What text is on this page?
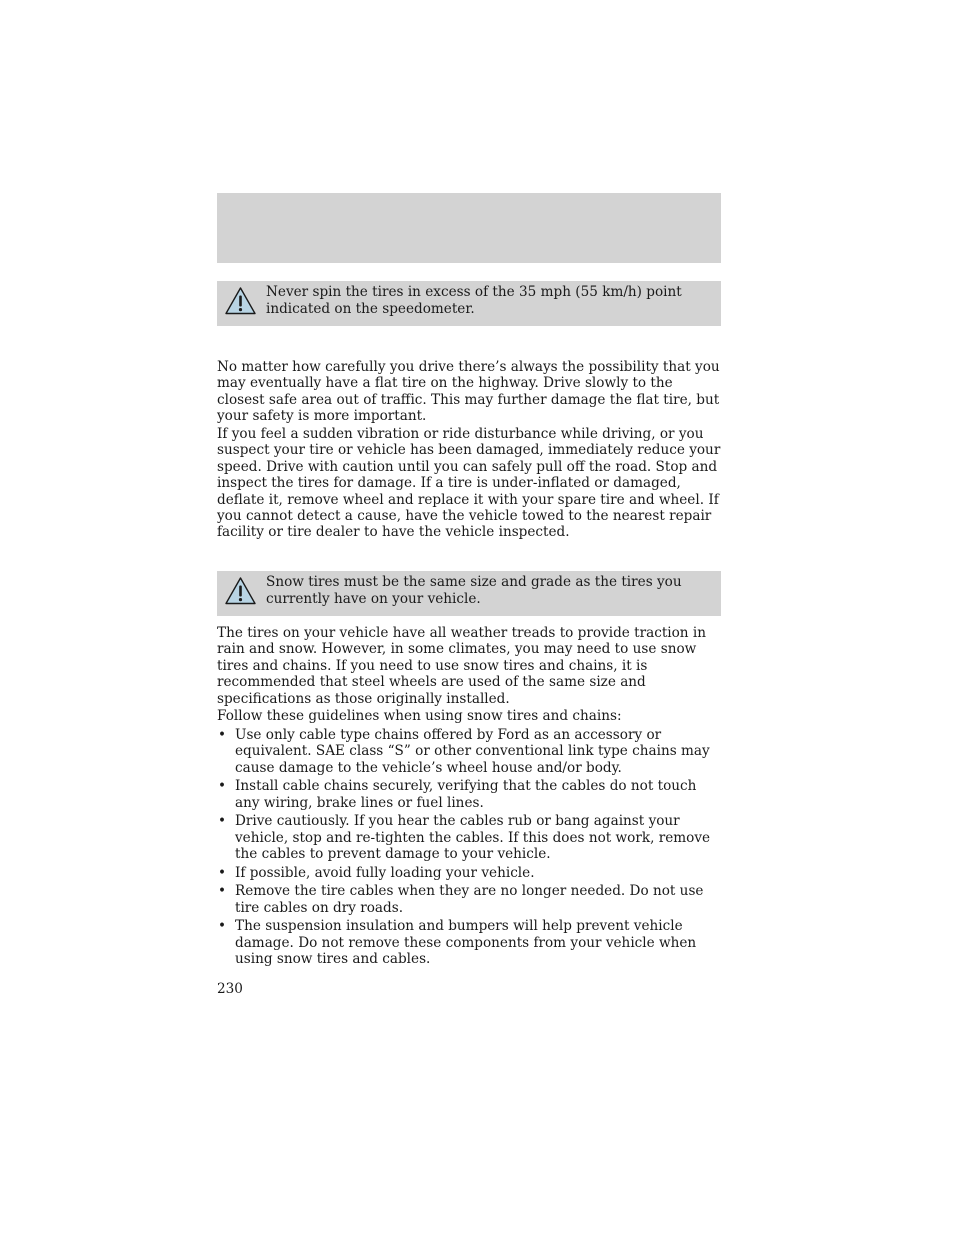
Never spin the tires in excess of the 35 mph (55 km/h) point indicated on the speedometer.

No matter how carefully you drive there’s always the possibility that you may eventually have a flat tire on the highway. Drive slowly to the closest safe area out of traffic. This may further damage the flat tire, but your safety is more important.

If you feel a sudden vibration or ride disturbance while driving, or you suspect your tire or vehicle has been damaged, immediately reduce your speed. Drive with caution until you can safely pull off the road. Stop and inspect the tires for damage. If a tire is under-inflated or damaged, deflate it, remove wheel and replace it with your spare tire and wheel. If you cannot detect a cause, have the vehicle towed to the nearest repair facility or tire dealer to have the vehicle inspected.

Snow tires must be the same size and grade as the tires you currently have on your vehicle.

The tires on your vehicle have all weather treads to provide traction in rain and snow. However, in some climates, you may need to use snow tires and chains. If you need to use snow tires and chains, it is recommended that steel wheels are used of the same size and specifications as those originally installed.

Follow these guidelines when using snow tires and chains:

• Use only cable type chains offered by Ford as an accessory or equivalent. SAE class “S” or other conventional link type chains may cause damage to the vehicle’s wheel house and/or body.
• Install cable chains securely, verifying that the cables do not touch any wiring, brake lines or fuel lines.
• Drive cautiously. If you hear the cables rub or bang against your vehicle, stop and re-tighten the cables. If this does not work, remove the cables to prevent damage to your vehicle.
• If possible, avoid fully loading your vehicle.
• Remove the tire cables when they are no longer needed. Do not use tire cables on dry roads.
• The suspension insulation and bumpers will help prevent vehicle damage. Do not remove these components from your vehicle when using snow tires and cables.
230
